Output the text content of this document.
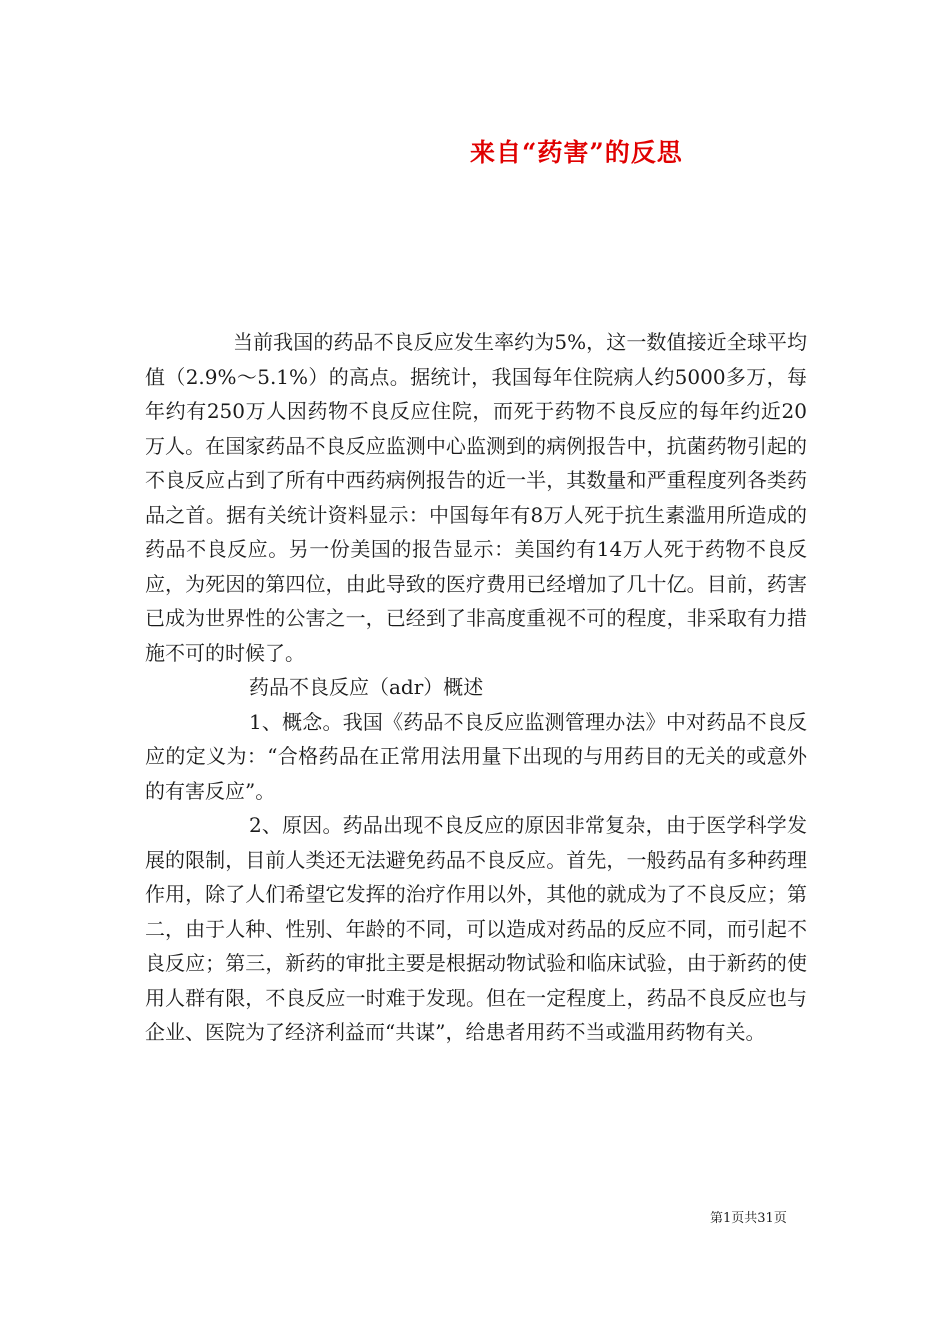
来自“药害”的反思

当前我国的药品不良反应发生率约为5%，这一数值接近全球平均值（2.9%～5.1%）的高点。据统计，我国每年住院病人约5000多万，每年约有250万人因药物不良反应住院，而死于药物不良反应的每年约近20万人。在国家药品不良反应监测中心监测到的病例报告中，抗菌药物引起的不良反应占到了所有中西药病例报告的近一半，其数量和严重程度列各类药品之首。据有关统计资料显示：中国每年有8万人死于抗生素滥用所造成的药品不良反应。另一份美国的报告显示：美国约有14万人死于药物不良反应，为死因的第四位，由此导致的医疗费用已经增加了几十亿。目前，药害已成为世界性的公害之一，已经到了非高度重视不可的程度，非采取有力措施不可的时候了。

药品不良反应（adr）概述

1、概念。我国《药品不良反应监测管理办法》中对药品不良反应的定义为：“合格药品在正常用法用量下出现的与用药目的无关的或意外的有害反应”。

2、原因。药品出现不良反应的原因非常复杂，由于医学科学发展的限制，目前人类还无法避免药品不良反应。首先，一般药品有多种药理作用，除了人们希望它发挥的治疗作用以外，其他的就成为了不良反应；第二，由于人种、性别、年龄的不同，可以造成对药品的反应不同，而引起不良反应；第三，新药的审批主要是根据动物试验和临床试验，由于新药的使用人群有限，不良反应一时难于发现。但在一定程度上，药品不良反应也与企业、医院为了经济利益而“共谋”，给患者用药不当或滥用药物有关。

第1页共31页
